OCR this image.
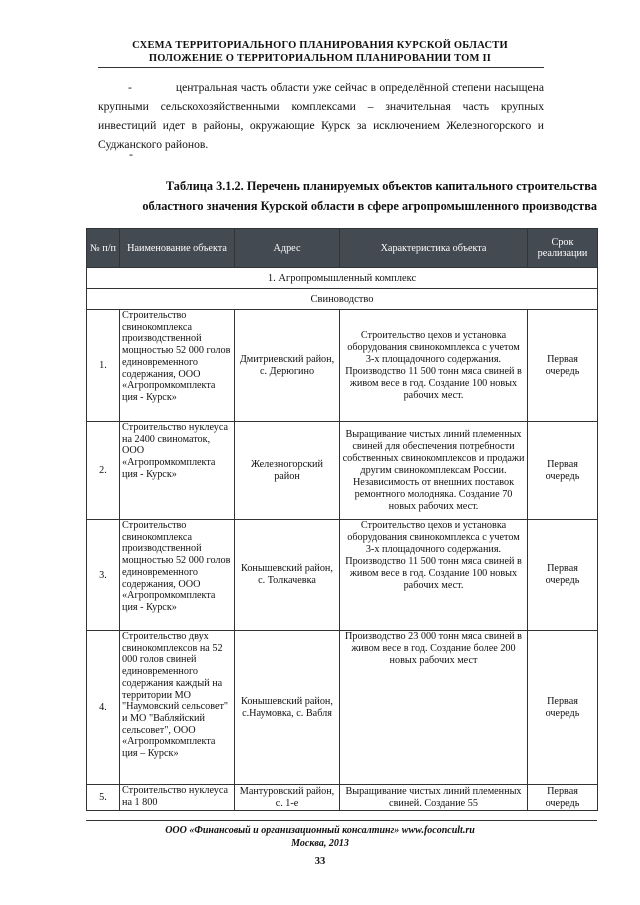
СХЕМА ТЕРРИТОРИАЛЬНОГО ПЛАНИРОВАНИЯ КУРСКОЙ ОБЛАСТИ
ПОЛОЖЕНИЕ О ТЕРРИТОРИАЛЬНОМ ПЛАНИРОВАНИИ ТОМ II
-	центральная часть области уже сейчас в определённой степени насыщена крупными сельскохозяйственными комплексами – значительная часть крупных инвестиций идет в районы, окружающие Курск за исключением Железногорского и Суджанского районов.
-
Таблица 3.1.2. Перечень планируемых объектов капитального строительства
областного значения Курской области в сфере агропромышленного производства
№ п/п	Наименование объекта	Адрес	Характеристика объекта	Срок реализации
1. Агропромышленный комплекс				
Свиноводство				
1.	Строительство свинокомплекса производственной мощностью 52 000 голов единовременного содержания, ООО «Агропромкомплекта ция - Курск»	Дмитриевский район, с. Дерюгино	Строительство цехов и установка оборудования свинокомплекса с учетом 3-х площадочного содержания. Производство 11 500 тонн мяса свиней в живом весе в год. Создание 100 новых рабочих мест.	Первая очередь
2.	Строительство нуклеуса на 2400 свиноматок, ООО «Агропромкомплекта ция - Курск»	Железногорский район	Выращивание чистых линий племенных свиней для обеспечения потребности собственных свинокомплексов и продажи другим свинокомплексам России. Независимость от внешних поставок ремонтного молодняка. Создание 70 новых рабочих мест.	Первая очередь
3.	Строительство свинокомплекса производственной мощностью 52 000 голов единовременного содержания, ООО «Агропромкомплекта ция - Курск»	Конышевский район, с. Толкачевка	Строительство цехов и установка оборудования свинокомплекса с учетом 3-х площадочного содержания. Производство 11 500 тонн мяса свиней в живом весе в год. Создание 100 новых рабочих мест.	Первая очередь
4.	Строительство двух свинокомплексов на 52 000 голов свиней единовременного содержания каждый на территории МО "Наумовский сельсовет" и МО "Вабляйский сельсовет", ООО «Агропромкомплекта ция – Курск»	Конышевский район, с.Наумовка, с. Вабля	Производство 23 000 тонн мяса свиней в живом весе в год. Создание более 200 новых рабочих мест	Первая очередь
5.	Строительство нуклеуса на 1 800	Мантуровский район, с. 1-е	Выращивание чистых линий племенных свиней. Создание 55	Первая очередь
ООО «Финансовый и организационный консалтинг» www.foconcult.ru
Москва, 2013
33
